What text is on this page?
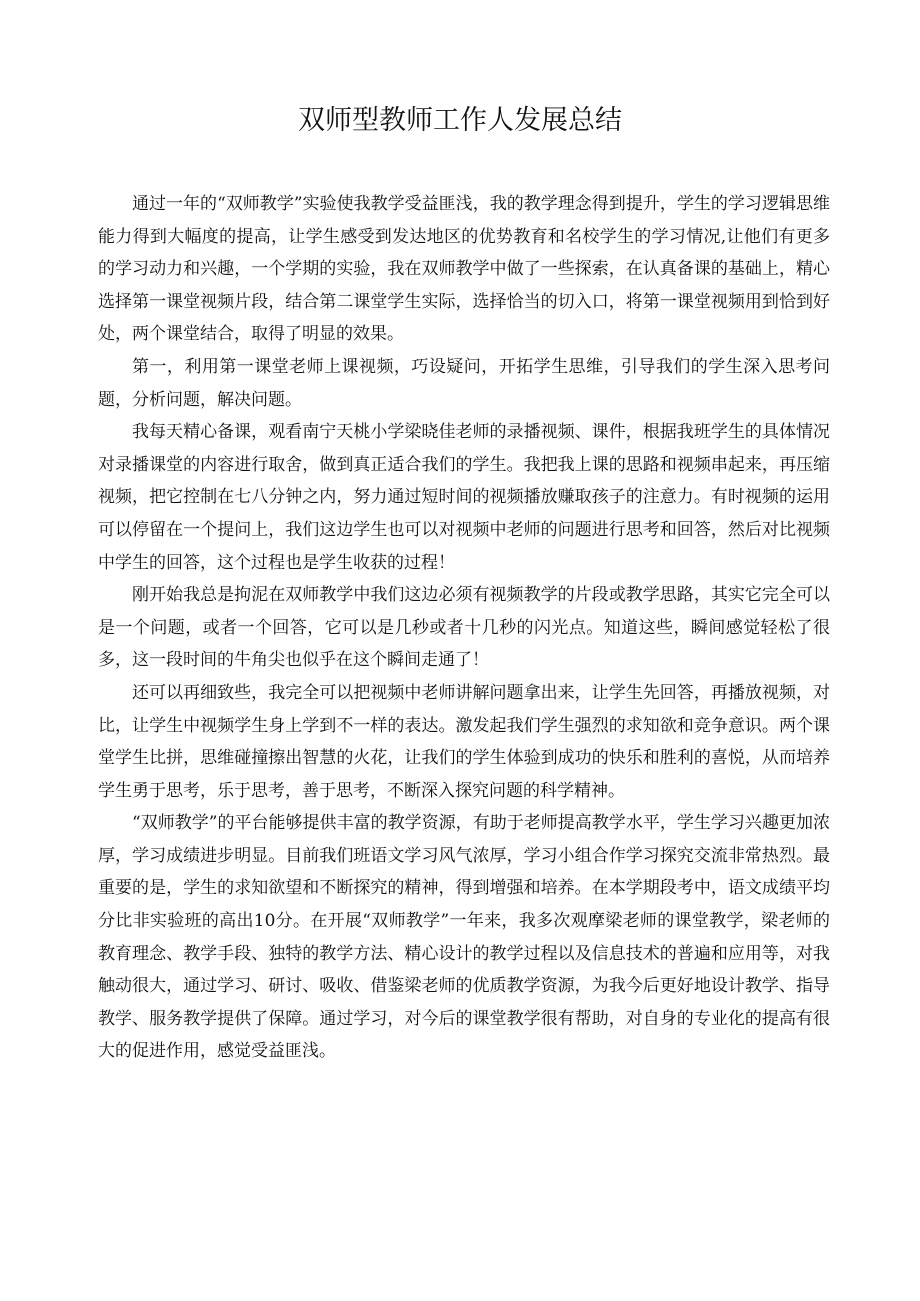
双师型教师工作人发展总结

通过一年的“双师教学”实验使我教学受益匪浅，我的教学理念得到提升，学生的学习逻辑思维能力得到大幅度的提高，让学生感受到发达地区的优势教育和名校学生的学习情况,让他们有更多的学习动力和兴趣，一个学期的实验，我在双师教学中做了一些探索，在认真备课的基础上，精心选择第一课堂视频片段，结合第二课堂学生实际，选择恰当的切入口，将第一课堂视频用到恰到好处，两个课堂结合，取得了明显的效果。

第一，利用第一课堂老师上课视频，巧设疑问，开拓学生思维，引导我们的学生深入思考问题，分析问题，解决问题。

我每天精心备课，观看南宁天桃小学梁晓佳老师的录播视频、课件，根据我班学生的具体情况对录播课堂的内容进行取舍，做到真正适合我们的学生。我把我上课的思路和视频串起来，再压缩视频，把它控制在七八分钟之内，努力通过短时间的视频播放赚取孩子的注意力。有时视频的运用可以停留在一个提问上，我们这边学生也可以对视频中老师的问题进行思考和回答，然后对比视频中学生的回答，这个过程也是学生收获的过程！

刚开始我总是拘泥在双师教学中我们这边必须有视频教学的片段或教学思路，其实它完全可以是一个问题，或者一个回答，它可以是几秒或者十几秒的闪光点。知道这些，瞬间感觉轻松了很多，这一段时间的牛角尖也似乎在这个瞬间走通了！

还可以再细致些，我完全可以把视频中老师讲解问题拿出来，让学生先回答，再播放视频，对比，让学生中视频学生身上学到不一样的表达。激发起我们学生强烈的求知欲和竞争意识。两个课堂学生比拼，思维碰撞擦出智慧的火花，让我们的学生体验到成功的快乐和胜利的喜悦，从而培养学生勇于思考，乐于思考，善于思考，不断深入探究问题的科学精神。

“双师教学”的平台能够提供丰富的教学资源，有助于老师提高教学水平，学生学习兴趣更加浓厚，学习成绩进步明显。目前我们班语文学习风气浓厚，学习小组合作学习探究交流非常热烈。最重要的是，学生的求知欲望和不断探究的精神，得到增强和培养。在本学期段考中，语文成绩平均分比非实验班的高出10分。在开展“双师教学”一年来，我多次观摩梁老师的课堂教学，梁老师的教育理念、教学手段、独特的教学方法、精心设计的教学过程以及信息技术的普遍和应用等，对我触动很大，通过学习、研讨、吸收、借鉴梁老师的优质教学资源，为我今后更好地设计教学、指导教学、服务教学提供了保障。通过学习，对今后的课堂教学很有帮助，对自身的专业化的提高有很大的促进作用，感觉受益匪浅。
